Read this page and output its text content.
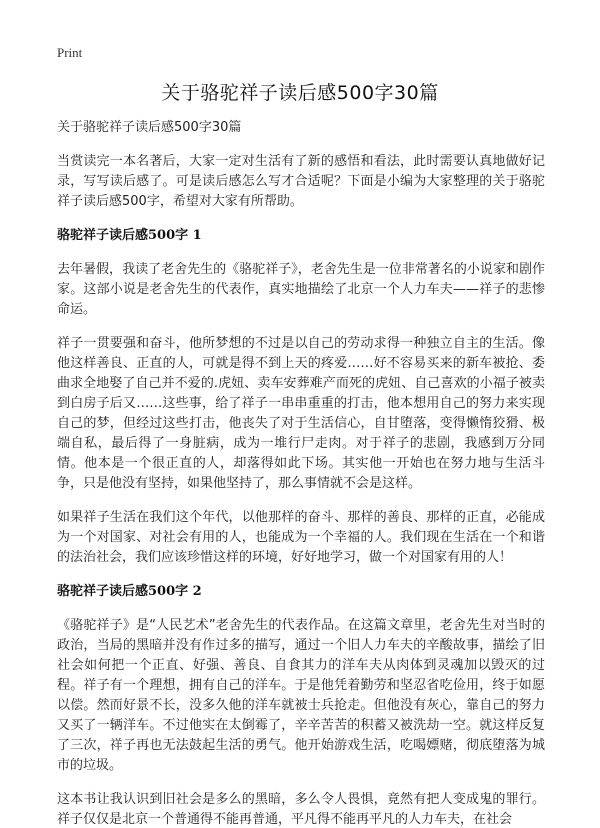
Print
关于骆驼祥子读后感500字30篇

关于骆驼祥子读后感500字30篇

当赏读完一本名著后，大家一定对生活有了新的感悟和看法，此时需要认真地做好记录，写写读后感了。可是读后感怎么写才合适呢？下面是小编为大家整理的关于骆驼祥子读后感500字，希望对大家有所帮助。

骆驼祥子读后感500字 1

去年暑假，我读了老舍先生的《骆驼祥子》，老舍先生是一位非常著名的小说家和剧作家。这部小说是老舍先生的代表作，真实地描绘了北京一个人力车夫——祥子的悲惨命运。

祥子一贯要强和奋斗，他所梦想的不过是以自己的劳动求得一种独立自主的生活。像他这样善良、正直的人，可就是得不到上天的疼爱……好不容易买来的新车被抢、委曲求全地娶了自己并不爱的.虎妞、卖车安葬难产而死的虎妞、自己喜欢的小福子被卖到白房子后又……这些事，给了祥子一串串重重的打击，他本想用自己的努力来实现自己的梦，但经过这些打击，他丧失了对于生活信心，自甘堕落，变得懒惰狡猾、极端自私，最后得了一身脏病，成为一堆行尸走肉。对于祥子的悲剧，我感到万分同情。他本是一个很正直的人，却落得如此下场。其实他一开始也在努力地与生活斗争，只是他没有坚持，如果他坚持了，那么事情就不会是这样。

如果祥子生活在我们这个年代，以他那样的奋斗、那样的善良、那样的正直，必能成为一个对国家、对社会有用的人，也能成为一个幸福的人。我们现在生活在一个和谐的法治社会，我们应该珍惜这样的环境，好好地学习，做一个对国家有用的人！

骆驼祥子读后感500字 2

《骆驼祥子》是“人民艺术”老舍先生的代表作品。在这篇文章里，老舍先生对当时的政治，当局的黑暗并没有作过多的描写，通过一个旧人力车夫的辛酸故事，描绘了旧社会如何把一个正直、好强、善良、自食其力的洋车夫从肉体到灵魂加以毁灭的过程。祥子有一个理想，拥有自己的洋车。于是他凭着勤劳和坚忍省吃俭用，终于如愿以偿。然而好景不长，没多久他的洋车就被士兵抢走。但他没有灰心，靠自己的努力又买了一辆洋车。不过他实在太倒霉了，辛辛苦苦的积蓄又被洗劫一空。就这样反复了三次，祥子再也无法鼓起生活的勇气。他开始游戏生活，吃喝嫖赌，彻底堕落为城市的垃圾。

这本书让我认识到旧社会是多么的黑暗，多么令人畏惧，竟然有把人变成鬼的罪行。祥子仅仅是北京一个普通得不能再普通，平凡得不能再平凡的人力车夫，在社会
